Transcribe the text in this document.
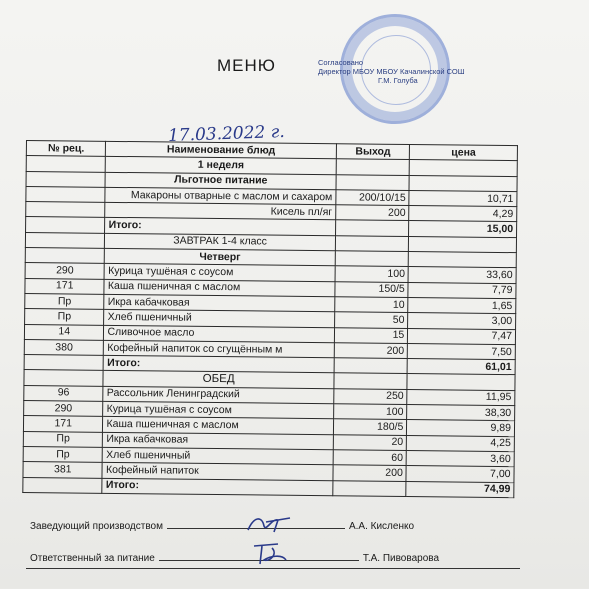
МЕНЮ	Согласовано
Директор МБОУ МБОУ Качалинской СОШ
Г.М. Голуба
17.03.2022 г.
№ рец.	Наименование блюд	Выход	цена
	1 неделя		
	Льготное питание		
	Макароны отварные с маслом и сахаром	200/10/15	10,71
	Кисель пл/яг	200	4,29
	Итого:		15,00
	ЗАВТРАК 1-4 класс		
	Четверг		
290	Курица тушёная с соусом	100	33,60
171	Каша пшеничная с маслом	150/5	7,79
Пр	Икра кабачковая	10	1,65
Пр	Хлеб пшеничный	50	3,00
14	Сливочное масло	15	7,47
380	Кофейный напиток со сгущённым м	200	7,50
	Итого:		61,01
	ОБЕД		
96	Рассольник Ленинградский	250	11,95
290	Курица тушёная с соусом	100	38,30
171	Каша пшеничная с маслом	180/5	9,89
Пр	Икра кабачковая	20	4,25
Пр	Хлеб пшеничный	60	3,60
381	Кофейный напиток	200	7,00
	Итого:		74,99
Заведующий производством	А.А. Кисленко
Ответственный за питание	Т.А. Пивоварова
